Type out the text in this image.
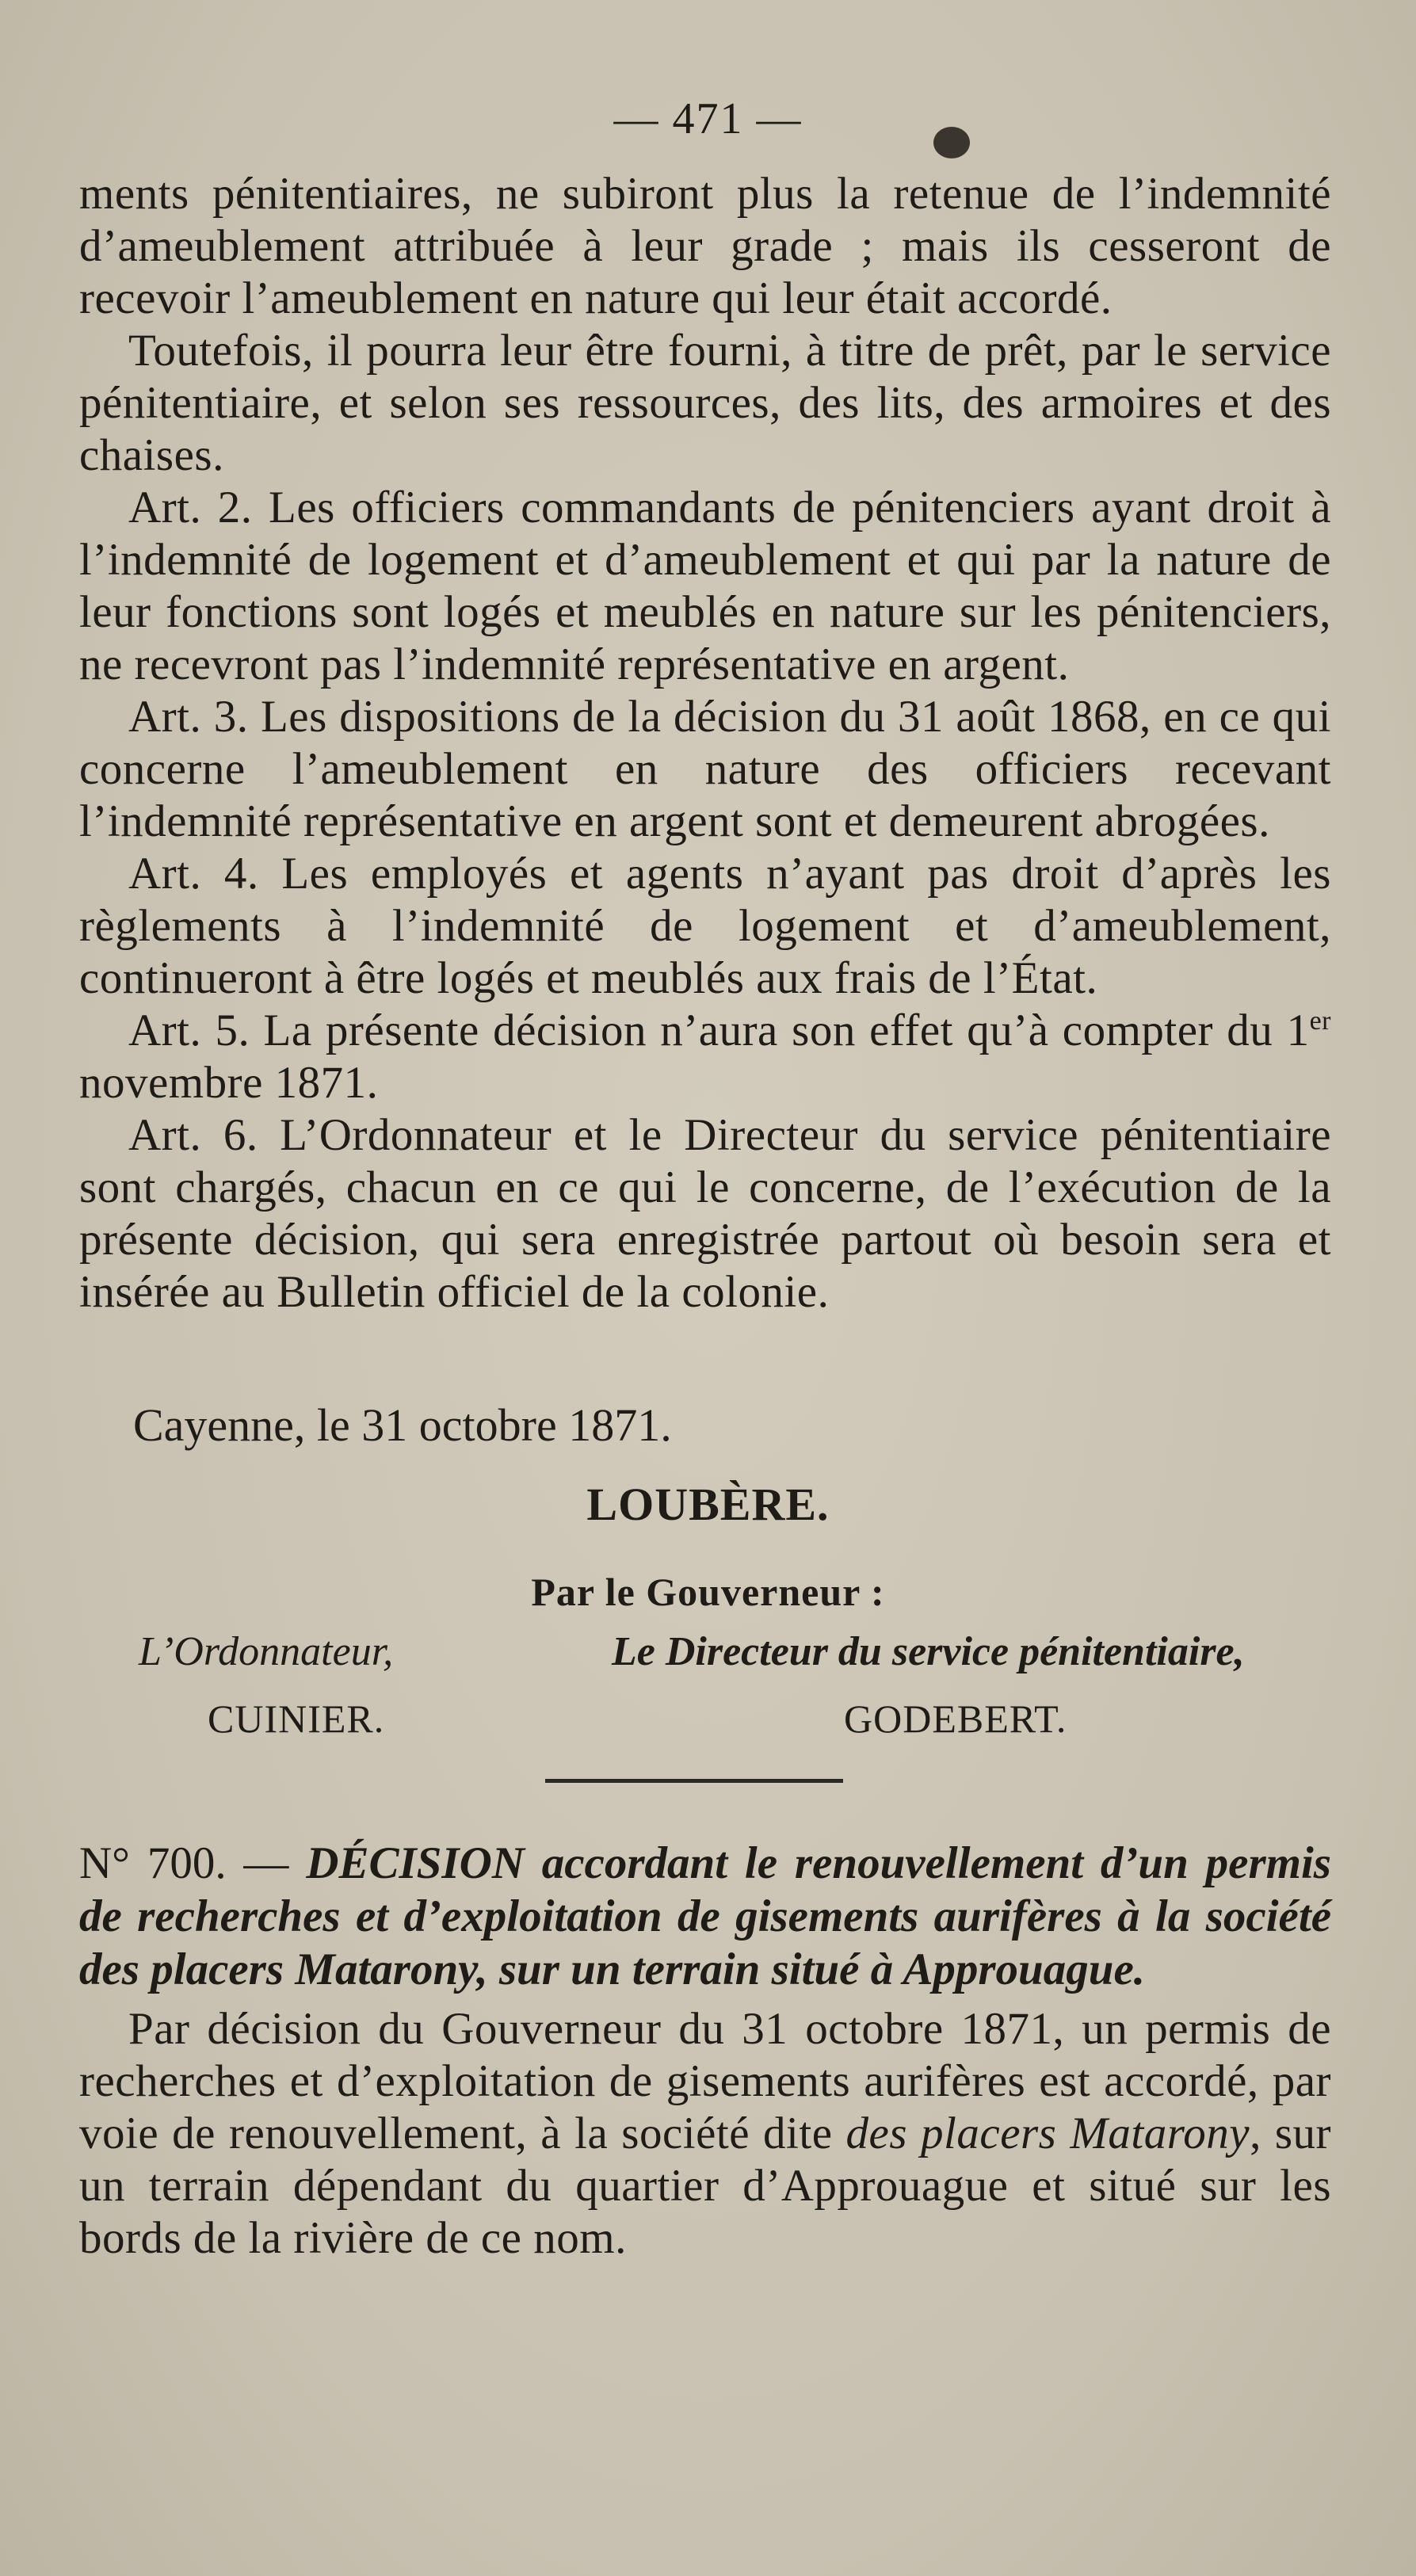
— 471 —

ments pénitentiaires, ne subiront plus la retenue de l’indemnité d’ameublement attribuée à leur grade ; mais ils cesseront de recevoir l’ameublement en nature qui leur était accordé.

Toutefois, il pourra leur être fourni, à titre de prêt, par le service pénitentiaire, et selon ses ressources, des lits, des armoires et des chaises.

Art. 2. Les officiers commandants de pénitenciers ayant droit à l’indemnité de logement et d’ameublement et qui par la nature de leur fonctions sont logés et meublés en nature sur les pénitenciers, ne recevront pas l’indemnité représentative en argent.

Art. 3. Les dispositions de la décision du 31 août 1868, en ce qui concerne l’ameublement en nature des officiers recevant l’indemnité représentative en argent sont et demeurent abrogées.

Art. 4. Les employés et agents n’ayant pas droit d’après les règlements à l’indemnité de logement et d’ameublement, continueront à être logés et meublés aux frais de l’État.

Art. 5. La présente décision n’aura son effet qu’à compter du 1er novembre 1871.

Art. 6. L’Ordonnateur et le Directeur du service pénitentiaire sont chargés, chacun en ce qui le concerne, de l’exécution de la présente décision, qui sera enregistrée partout où besoin sera et insérée au Bulletin officiel de la colonie.

Cayenne, le 31 octobre 1871.
LOUBÈRE.
Par le Gouverneur :
L’Ordonnateur,	Le Directeur du service pénitentiaire,
CUINIER.	GODEBERT.

N° 700. — DÉCISION accordant le renouvellement d’un permis de recherches et d’exploitation de gisements aurifères à la société des placers Matarony, sur un terrain situé à Approuague.

Par décision du Gouverneur du 31 octobre 1871, un permis de recherches et d’exploitation de gisements aurifères est accordé, par voie de renouvellement, à la société dite des placers Matarony, sur un terrain dépendant du quartier d’Approuague et situé sur les bords de la rivière de ce nom.
